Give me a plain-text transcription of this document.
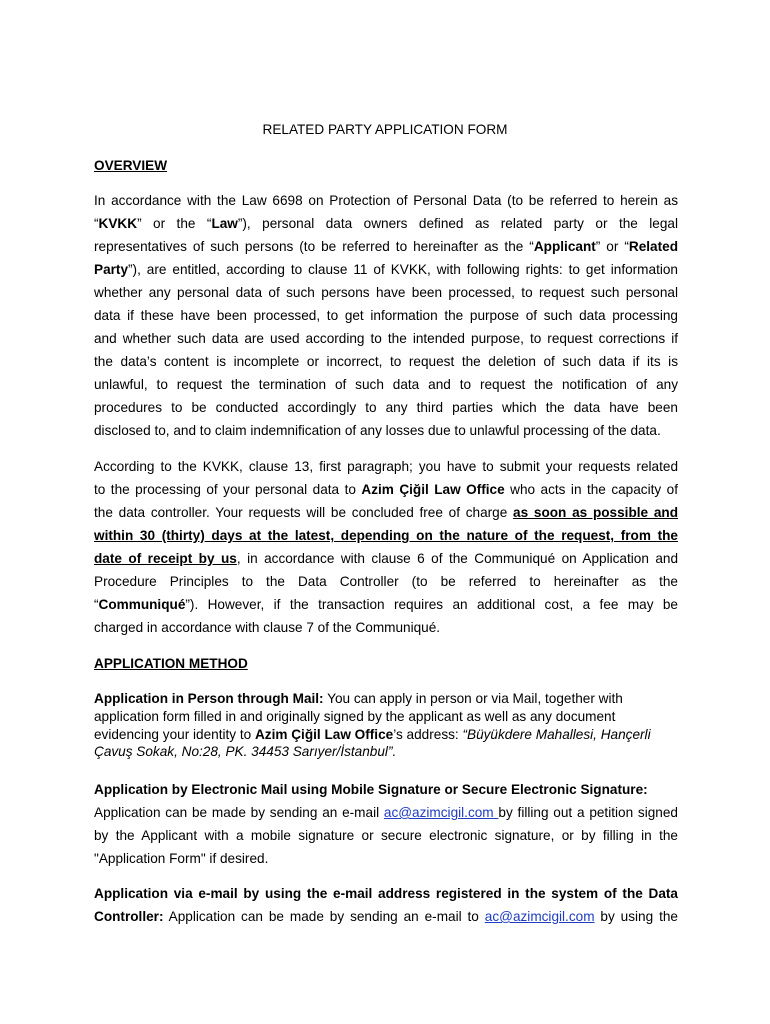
RELATED PARTY APPLICATION FORM
OVERVIEW
In accordance with the Law 6698 on Protection of Personal Data (to be referred to herein as
“KVKK” or the “Law”), personal data owners defined as related party or the legal
representatives of such persons (to be referred to hereinafter as the “Applicant” or “Related
Party”), are entitled, according to clause 11 of KVKK, with following rights: to get information
whether any personal data of such persons have been processed, to request such personal
data if these have been processed, to get information the purpose of such data processing
and whether such data are used according to the intended purpose, to request corrections if
the data’s content is incomplete or incorrect, to request the deletion of such data if its is
unlawful, to request the termination of such data and to request the notification of any
procedures to be conducted accordingly to any third parties which the data have been
disclosed to, and to claim indemnification of any losses due to unlawful processing of the data.
According to the KVKK, clause 13, first paragraph; you have to submit your requests related
to the processing of your personal data to Azim Çiğil Law Office who acts in the capacity of
the data controller. Your requests will be concluded free of charge as soon as possible and
within 30 (thirty) days at the latest, depending on the nature of the request, from the
date of receipt by us, in accordance with clause 6 of the Communiqué on Application and
Procedure Principles to the Data Controller (to be referred to hereinafter as the
“Communiqué”). However, if the transaction requires an additional cost, a fee may be
charged in accordance with clause 7 of the Communiqué.
APPLICATION METHOD
Application in Person through Mail: You can apply in person or via Mail, together with
application form filled in and originally signed by the applicant as well as any document
evidencing your identity to Azim Çiğil Law Office’s address: “Büyükdere Mahallesi, Hançerli
Çavuş Sokak, No:28, PK. 34453 Sarıyer/İstanbul”.
Application by Electronic Mail using Mobile Signature or Secure Electronic Signature:
Application can be made by sending an e-mail ac@azimcigil.com by filling out a petition signed
by the Applicant with a mobile signature or secure electronic signature, or by filling in the
"Application Form" if desired.
Application via e-mail by using the e-mail address registered in the system of the Data
Controller: Application can be made by sending an e-mail to ac@azimcigil.com by using the
